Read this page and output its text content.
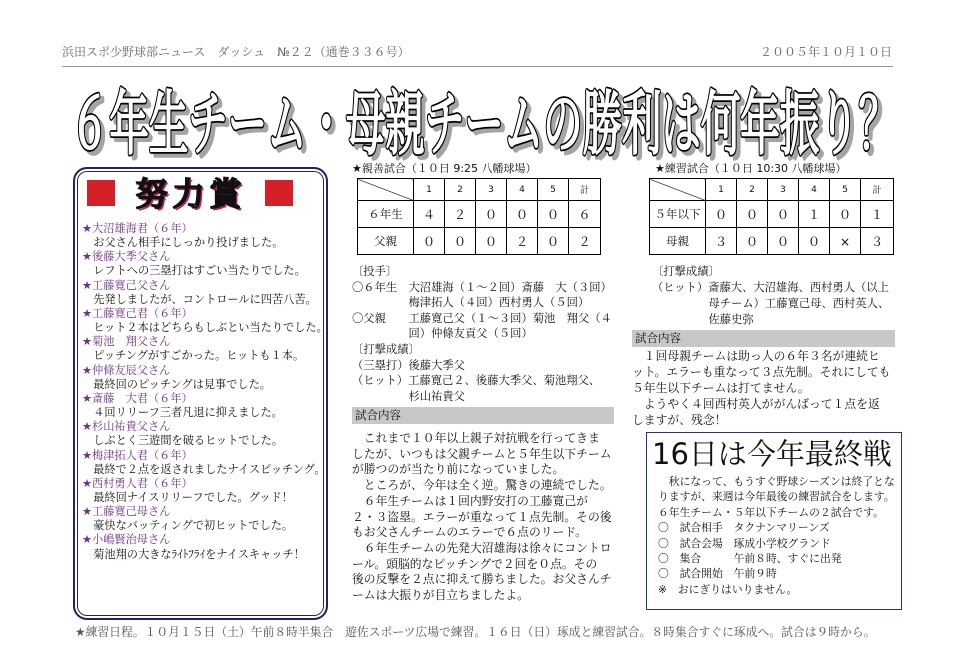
浜田スポ少野球部ニュース　ダッシュ　№２２（通巻３３６号）	２００５年１０月１０日
６年生チーム・母親チームの勝利は何年振り？
努力賞
★大沼雄海君（６年）
　お父さん相手にしっかり投げました。
★後藤大季父さん
　レフトへの三塁打はすごい当たりでした。
★工藤寛己父さん
　先発しましたが、コントロールに四苦八苦。
★工藤寛己君（６年）
　ヒット２本はどちらもしぶとい当たりでした。
★菊池　翔父さん
　ピッチングがすごかった。ヒットも１本。
★仲條友辰父さん
　最終回のピッチングは見事でした。
★斎藤　大君（６年）
　４回リリーフ三者凡退に抑えました。
★杉山祐貴父さん
　しぶとく三遊間を破るヒットでした。
★梅津拓人君（６年）
　最終で２点を返されましたナイスピッチング。
★西村勇人君（６年）
　最終回ナイスリリーフでした。グッド！
★工藤寛己母さん
　豪快なバッティングで初ヒットでした。
★小嶋賢治母さん
　菊池翔の大きなﾗｲﾄﾌﾗｲをナイスキャッチ！
★親善試合（１０日 9:25 八幡球場）
	1	2	3	4	5	計
６年生	４	２	０	０	０	６
父親	０	０	０	２	０	２
〔投手〕
〇６年生　大沼雄海（１～２回）斎藤　大（３回）
　　　　　梅津拓人（４回）西村勇人（５回）
〇父親　　工藤寛己父（１～３回）菊池　翔父（４
　　　　　回）仲條友貢父（５回）
〔打撃成績〕
（三塁打）後藤大季父
（ヒット）工藤寛己２、後藤大季父、菊池翔父、
　　　　　杉山祐貴父
試合内容
　これまで１０年以上親子対抗戦を行ってきま
したが、いつもは父親チームと５年生以下チーム
が勝つのが当たり前になっていました。
　ところが、今年は全く逆。驚きの連続でした。
　６年生チームは１回内野安打の工藤寛己が
２・３盗塁。エラーが重なって１点先制。その後
もお父さんチームのエラーで６点のリード。
　６年生チームの先発大沼雄海は徐々にコントロ
ール。頭脳的なピッチングで２回を０点。その
後の反撃を２点に抑えて勝ちました。お父さんチ
ームは大振りが目立ちましたよ。
★練習試合（１０日 10:30 八幡球場）
	1	2	3	4	5	計
５年以下	０	０	０	１	０	１
母親	３	０	０	０	×	３
〔打撃成績〕
（ヒット）斎藤大、大沼雄海、西村勇人（以上
　　　　　母チーム）工藤寛己母、西村英人、
　　　　　佐藤史弥
試合内容
　１回母親チームは助っ人の６年３名が連続ヒ
ット。エラーも重なって３点先制。それにしても
５年生以下チームは打てません。
　ようやく４回西村英人ががんばって１点を返
しますが、残念！
16日は今年最終戦
　秋になって、もうすぐ野球シーズンは終了とな
りますが、来週は今年最後の練習試合をします。
６年生チーム・５年以下チームの２試合です。
〇　試合相手　タクナンマリーンズ
〇　試合会場　琢成小学校グランド
〇　集合　　　午前８時、すぐに出発
〇　試合開始　午前９時
※　おにぎりはいりません。
★練習日程。１０月１５日（土）午前８時半集合　遊佐スポーツ広場で練習。１６日（日）琢成と練習試合。８時集合すぐに琢成へ。試合は９時から。
